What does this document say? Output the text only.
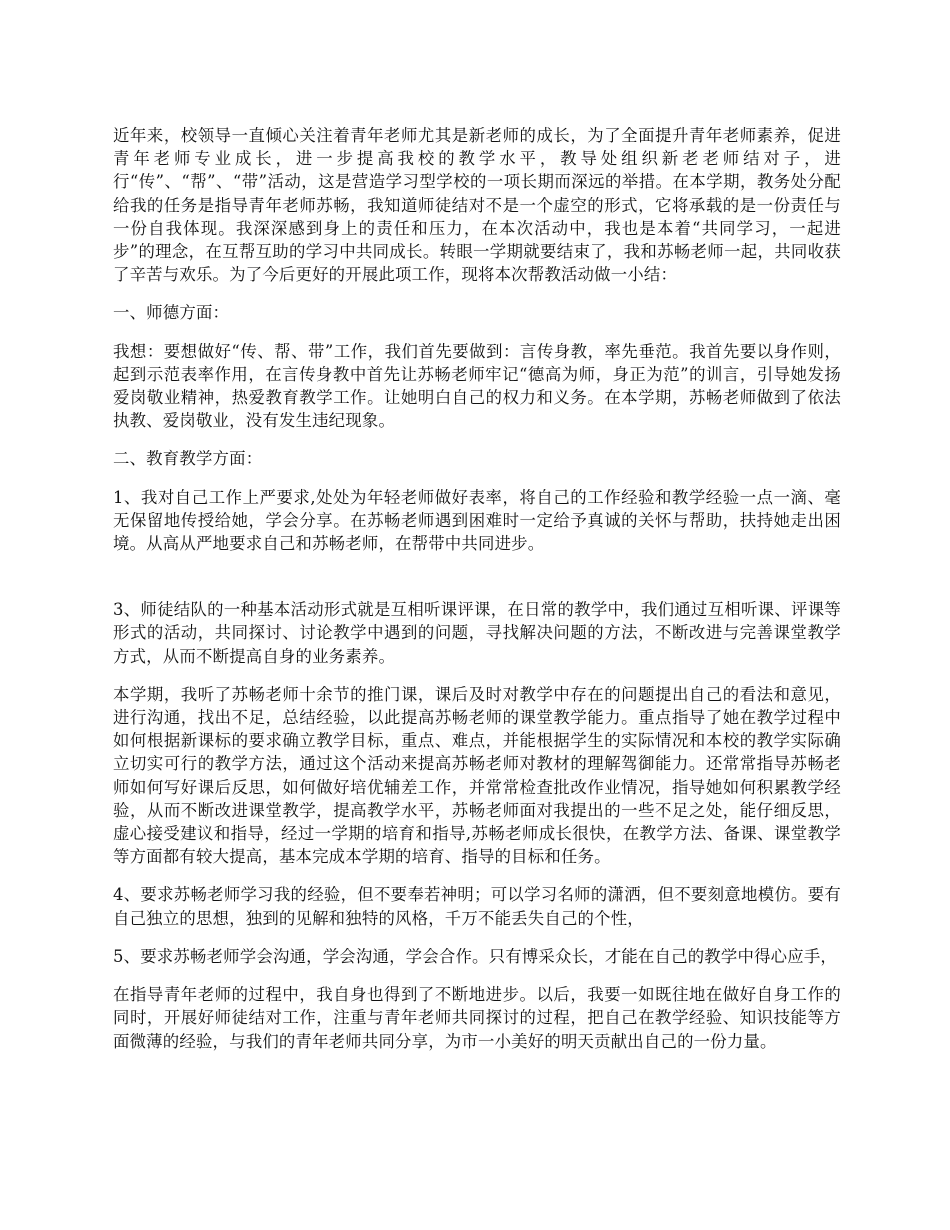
近年来，校领导一直倾心关注着青年老师尤其是新老师的成长，为了全面提升青年老师素养，促进青年老师专业成长，进一步提高我校的教学水平，教导处组织新老老师结对子，进行“传”、“帮”、“带”活动，这是营造学习型学校的一项长期而深远的举措。在本学期，教务处分配给我的任务是指导青年老师苏畅，我知道师徒结对不是一个虚空的形式，它将承载的是一份责任与一份自我体现。我深深感到身上的责任和压力，在本次活动中，我也是本着“共同学习，一起进步”的理念，在互帮互助的学习中共同成长。转眼一学期就要结束了，我和苏畅老师一起，共同收获了辛苦与欢乐。为了今后更好的开展此项工作，现将本次帮教活动做一小结：

一、师德方面：

我想：要想做好“传、帮、带”工作，我们首先要做到：言传身教，率先垂范。我首先要以身作则，起到示范表率作用，在言传身教中首先让苏畅老师牢记“德高为师，身正为范”的训言，引导她发扬爱岗敬业精神，热爱教育教学工作。让她明白自己的权力和义务。在本学期，苏畅老师做到了依法执教、爱岗敬业，没有发生违纪现象。

二、教育教学方面：

1、我对自己工作上严要求,处处为年轻老师做好表率，将自己的工作经验和教学经验一点一滴、毫无保留地传授给她，学会分享。在苏畅老师遇到困难时一定给予真诚的关怀与帮助，扶持她走出困境。从高从严地要求自己和苏畅老师，在帮带中共同进步。

3、师徒结队的一种基本活动形式就是互相听课评课，在日常的教学中，我们通过互相听课、评课等形式的活动，共同探讨、讨论教学中遇到的问题，寻找解决问题的方法，不断改进与完善课堂教学方式，从而不断提高自身的业务素养。

本学期，我听了苏畅老师十余节的推门课，课后及时对教学中存在的问题提出自己的看法和意见，进行沟通，找出不足，总结经验，以此提高苏畅老师的课堂教学能力。重点指导了她在教学过程中如何根据新课标的要求确立教学目标，重点、难点，并能根据学生的实际情况和本校的教学实际确立切实可行的教学方法，通过这个活动来提高苏畅老师对教材的理解驾御能力。还常常指导苏畅老师如何写好课后反思，如何做好培优辅差工作，并常常检查批改作业情况，指导她如何积累教学经验，从而不断改进课堂教学，提高教学水平，苏畅老师面对我提出的一些不足之处，能仔细反思，虚心接受建议和指导，经过一学期的培育和指导,苏畅老师成长很快，在教学方法、备课、课堂教学等方面都有较大提高，基本完成本学期的培育、指导的目标和任务。

4、要求苏畅老师学习我的经验，但不要奉若神明；可以学习名师的潇洒，但不要刻意地模仿。要有自己独立的思想，独到的见解和独特的风格，千万不能丢失自己的个性，

5、要求苏畅老师学会沟通，学会沟通，学会合作。只有博采众长，才能在自己的教学中得心应手，

在指导青年老师的过程中，我自身也得到了不断地进步。以后，我要一如既往地在做好自身工作的同时，开展好师徒结对工作，注重与青年老师共同探讨的过程，把自己在教学经验、知识技能等方面微薄的经验，与我们的青年老师共同分享，为市一小美好的明天贡献出自己的一份力量。
